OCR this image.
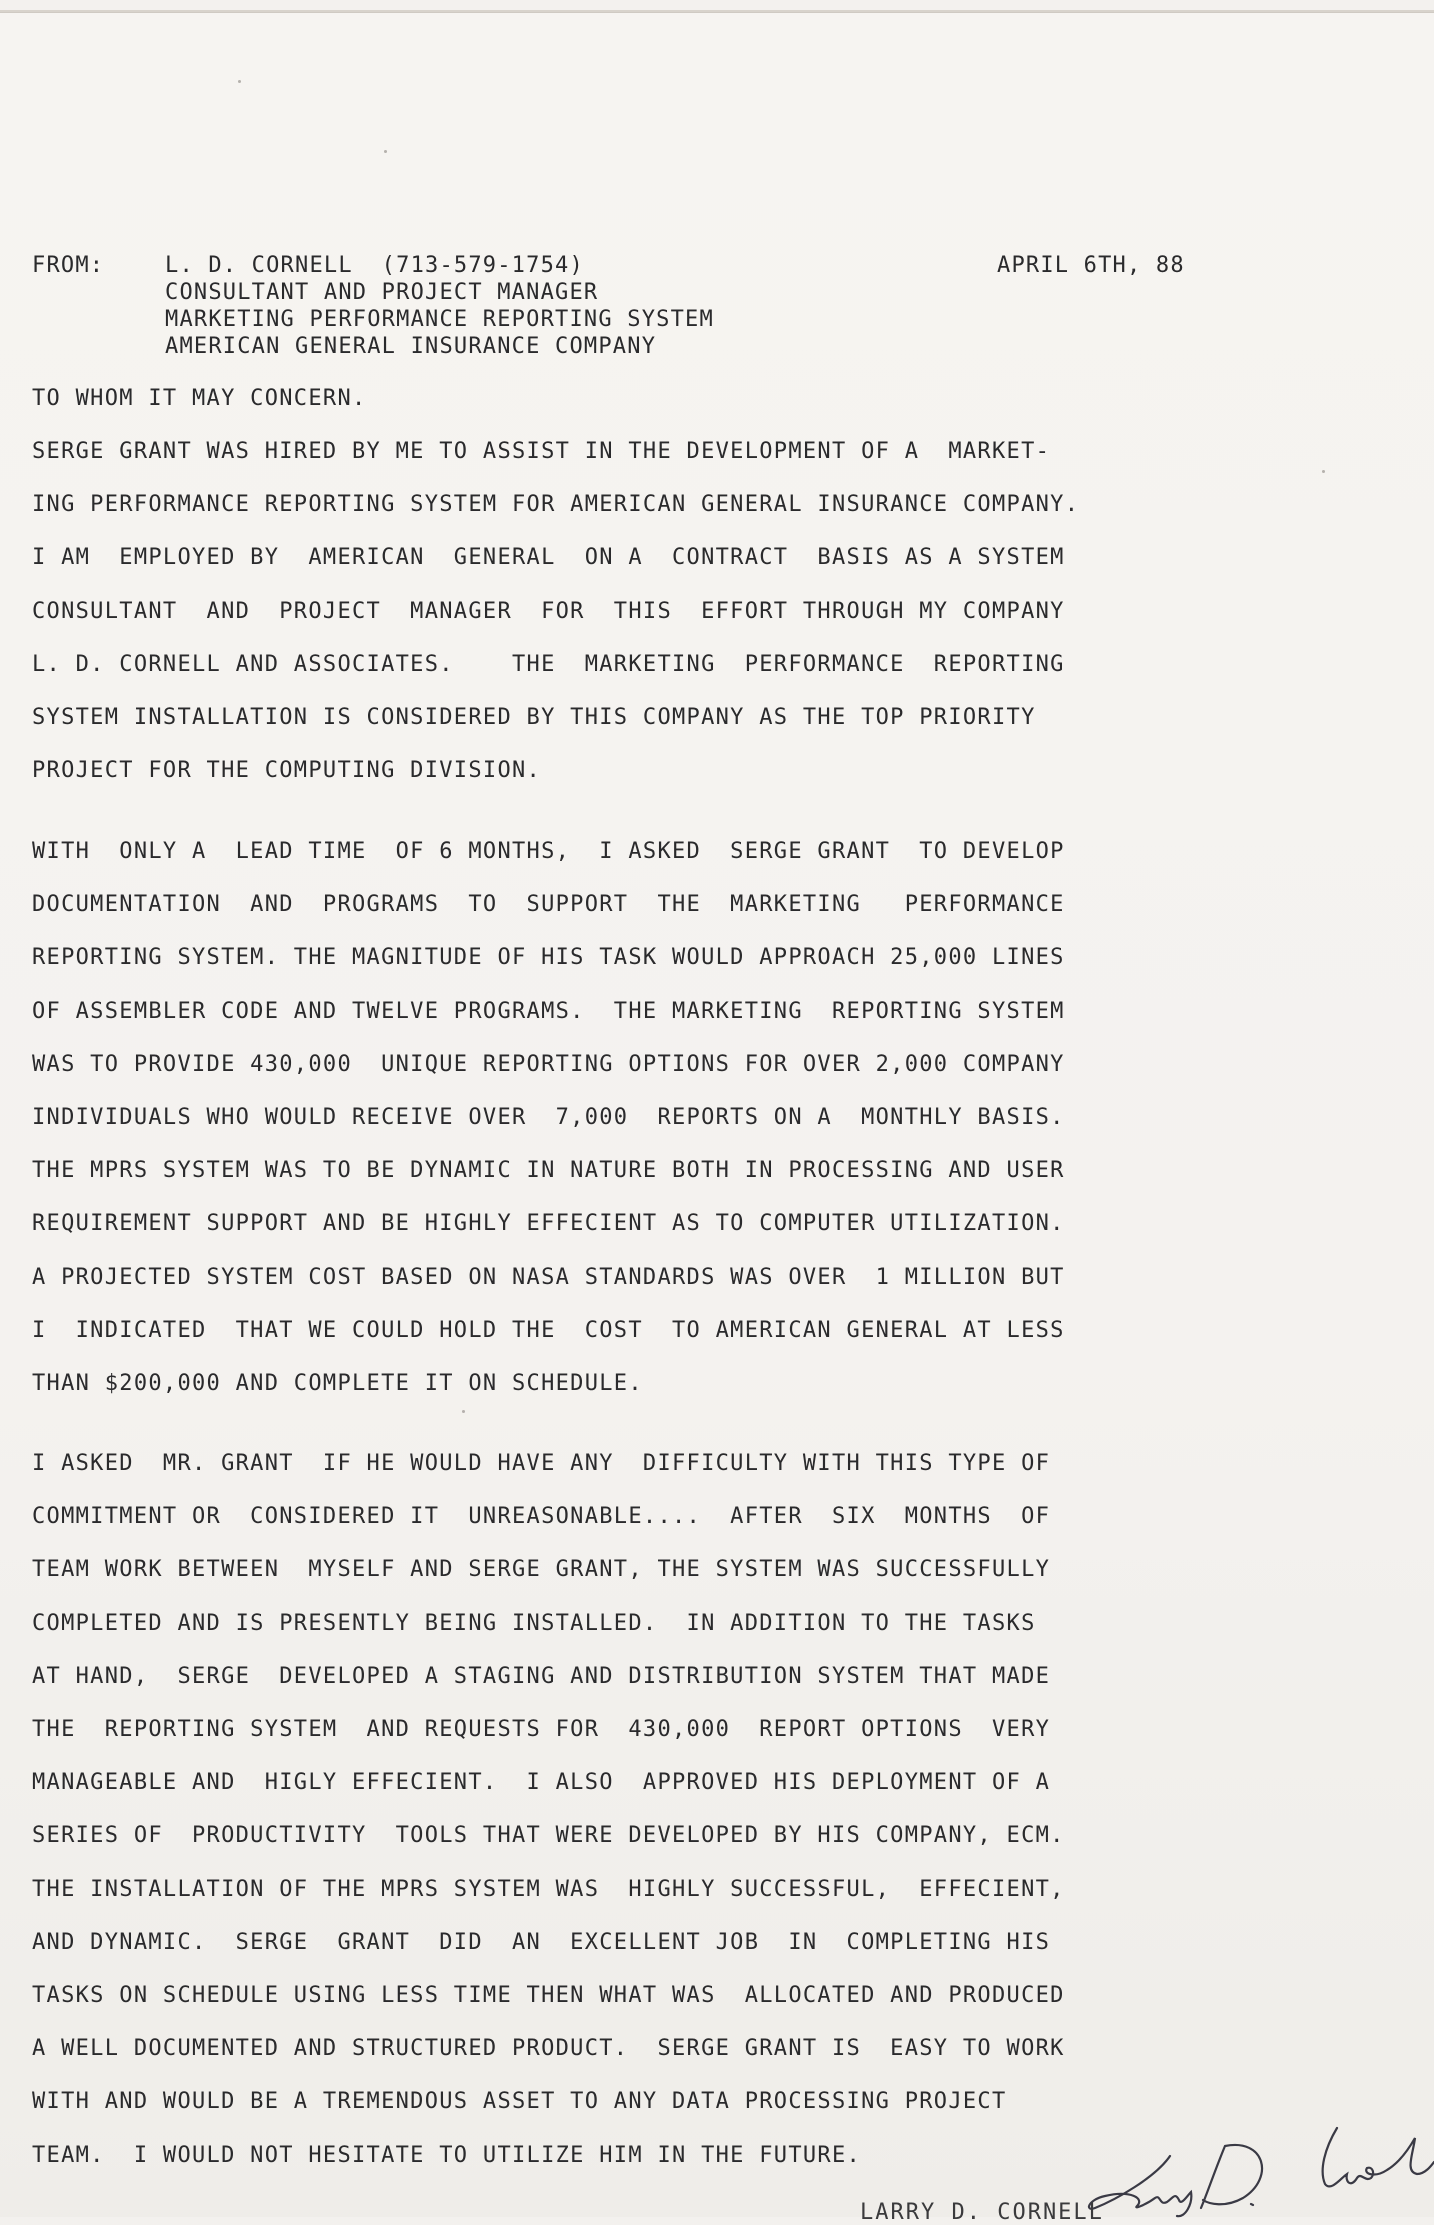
FROM:	L. D. CORNELL  (713-579-1754)
CONSULTANT AND PROJECT MANAGER
MARKETING PERFORMANCE REPORTING SYSTEM
AMERICAN GENERAL INSURANCE COMPANY
APRIL 6TH, 88
TO WHOM IT MAY CONCERN.
SERGE GRANT WAS HIRED BY ME TO ASSIST IN THE DEVELOPMENT OF A  MARKET-
ING PERFORMANCE REPORTING SYSTEM FOR AMERICAN GENERAL INSURANCE COMPANY.
I AM  EMPLOYED BY  AMERICAN  GENERAL  ON A  CONTRACT  BASIS AS A SYSTEM
CONSULTANT  AND  PROJECT  MANAGER  FOR  THIS  EFFORT THROUGH MY COMPANY
L. D. CORNELL AND ASSOCIATES.    THE  MARKETING  PERFORMANCE  REPORTING
SYSTEM INSTALLATION IS CONSIDERED BY THIS COMPANY AS THE TOP PRIORITY
PROJECT FOR THE COMPUTING DIVISION.
WITH  ONLY A  LEAD TIME  OF 6 MONTHS,  I ASKED  SERGE GRANT  TO DEVELOP
DOCUMENTATION  AND  PROGRAMS  TO  SUPPORT  THE  MARKETING   PERFORMANCE
REPORTING SYSTEM. THE MAGNITUDE OF HIS TASK WOULD APPROACH 25,000 LINES
OF ASSEMBLER CODE AND TWELVE PROGRAMS.  THE MARKETING  REPORTING SYSTEM
WAS TO PROVIDE 430,000  UNIQUE REPORTING OPTIONS FOR OVER 2,000 COMPANY
INDIVIDUALS WHO WOULD RECEIVE OVER  7,000  REPORTS ON A  MONTHLY BASIS.
THE MPRS SYSTEM WAS TO BE DYNAMIC IN NATURE BOTH IN PROCESSING AND USER
REQUIREMENT SUPPORT AND BE HIGHLY EFFECIENT AS TO COMPUTER UTILIZATION.
A PROJECTED SYSTEM COST BASED ON NASA STANDARDS WAS OVER  1 MILLION BUT
I  INDICATED  THAT WE COULD HOLD THE  COST  TO AMERICAN GENERAL AT LESS
THAN $200,000 AND COMPLETE IT ON SCHEDULE.
I ASKED  MR. GRANT  IF HE WOULD HAVE ANY  DIFFICULTY WITH THIS TYPE OF
COMMITMENT OR  CONSIDERED IT  UNREASONABLE....  AFTER  SIX  MONTHS  OF
TEAM WORK BETWEEN  MYSELF AND SERGE GRANT, THE SYSTEM WAS SUCCESSFULLY
COMPLETED AND IS PRESENTLY BEING INSTALLED.  IN ADDITION TO THE TASKS
AT HAND,  SERGE  DEVELOPED A STAGING AND DISTRIBUTION SYSTEM THAT MADE
THE  REPORTING SYSTEM  AND REQUESTS FOR  430,000  REPORT OPTIONS  VERY
MANAGEABLE AND  HIGLY EFFECIENT.  I ALSO  APPROVED HIS DEPLOYMENT OF A
SERIES OF  PRODUCTIVITY  TOOLS THAT WERE DEVELOPED BY HIS COMPANY, ECM.
THE INSTALLATION OF THE MPRS SYSTEM WAS  HIGHLY SUCCESSFUL,  EFFECIENT,
AND DYNAMIC.  SERGE  GRANT  DID  AN  EXCELLENT JOB  IN  COMPLETING HIS
TASKS ON SCHEDULE USING LESS TIME THEN WHAT WAS  ALLOCATED AND PRODUCED
A WELL DOCUMENTED AND STRUCTURED PRODUCT.  SERGE GRANT IS  EASY TO WORK
WITH AND WOULD BE A TREMENDOUS ASSET TO ANY DATA PROCESSING PROJECT
TEAM.  I WOULD NOT HESITATE TO UTILIZE HIM IN THE FUTURE.
LARRY D. CORNELL
